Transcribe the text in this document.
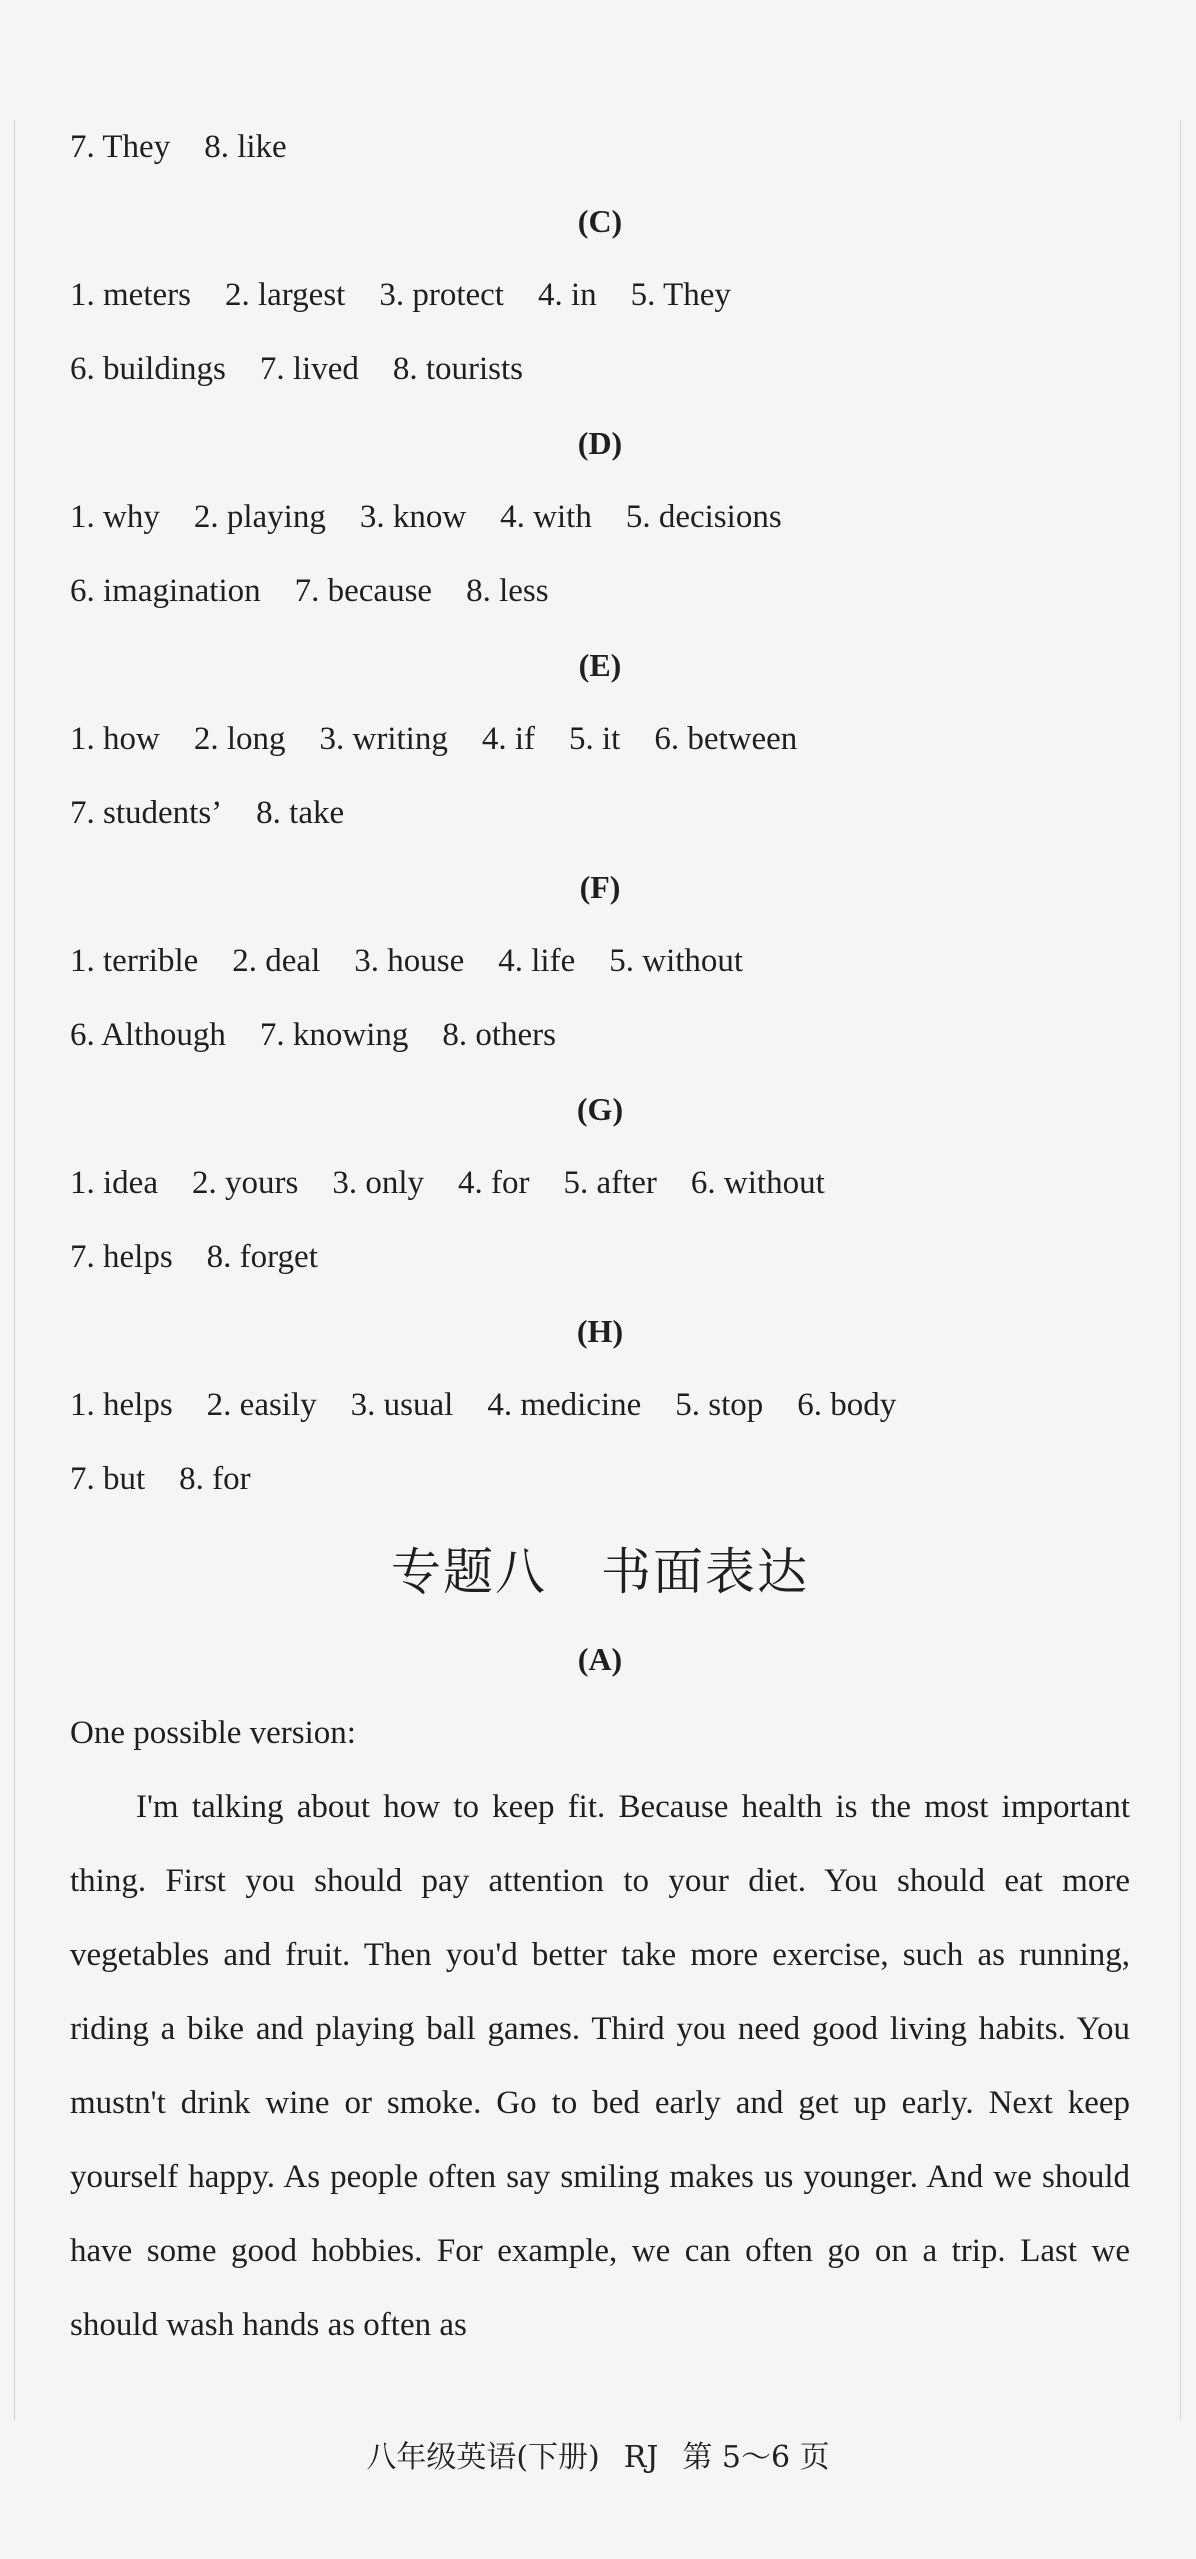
7. They 8. like
(C)
1. meters 2. largest 3. protect 4. in 5. They
6. buildings 7. lived 8. tourists
(D)
1. why 2. playing 3. know 4. with 5. decisions
6. imagination 7. because 8. less
(E)
1. how 2. long 3. writing 4. if 5. it 6. between
7. students’ 8. take
(F)
1. terrible 2. deal 3. house 4. life 5. without
6. Although 7. knowing 8. others
(G)
1. idea 2. yours 3. only 4. for 5. after 6. without
7. helps 8. forget
(H)
1. helps 2. easily 3. usual 4. medicine 5. stop 6. body
7. but 8. for
专题八 书面表达
(A)
One possible version:

I'm talking about how to keep fit. Because health is the most important thing. First you should pay attention to your diet. You should eat more vegetables and fruit. Then you'd better take more exercise, such as running, riding a bike and playing ball games. Third you need good living habits. You mustn't drink wine or smoke. Go to bed early and get up early. Next keep yourself happy. As people often say smiling makes us younger. And we should have some good hobbies. For example, we can often go on a trip. Last we should wash hands as often as

八年级英语(下册) RJ 第 5～6 页
